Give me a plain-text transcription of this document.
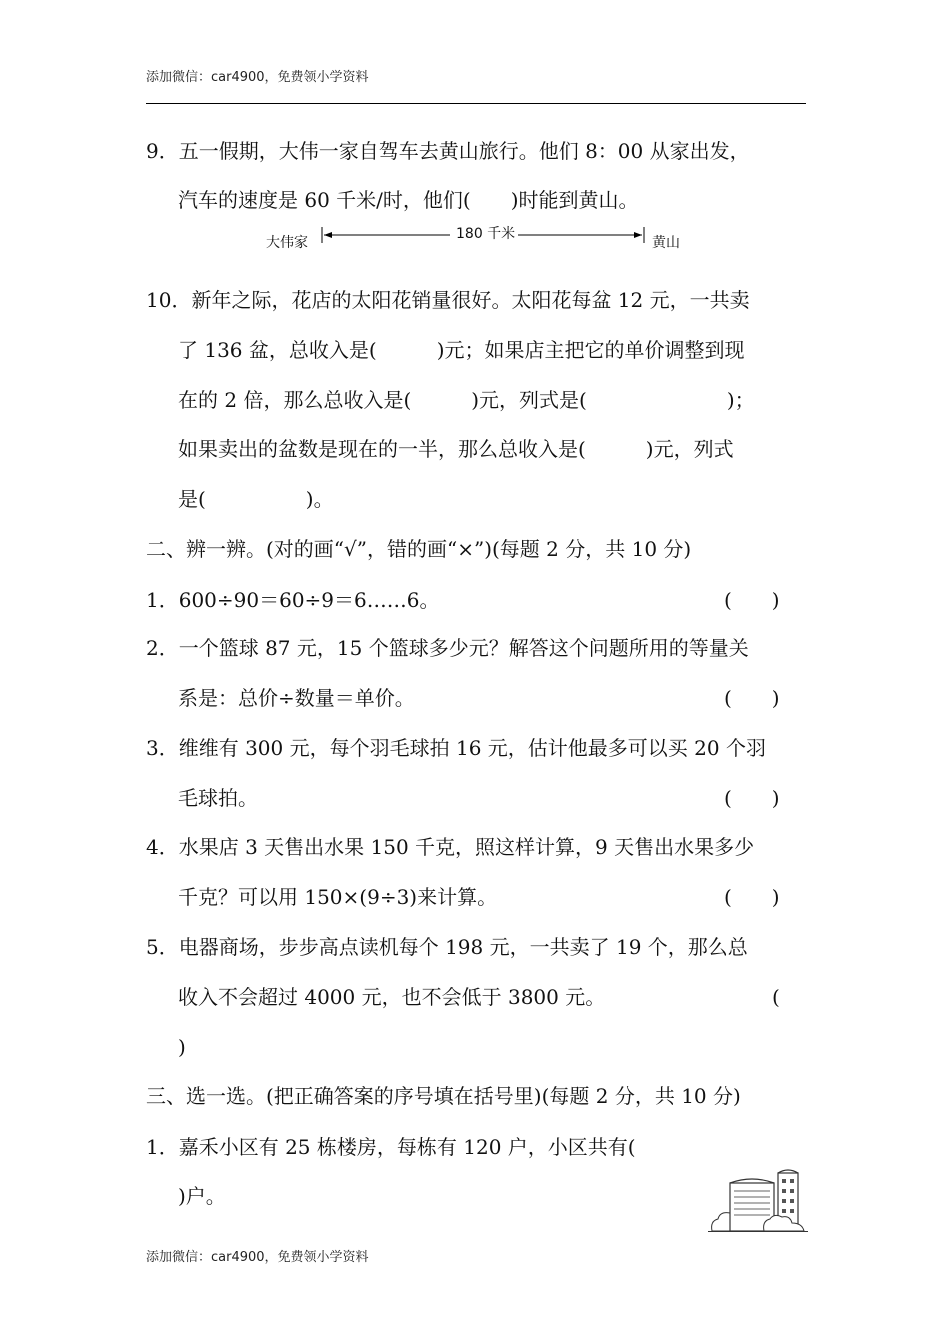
添加微信：car4900，免费领小学资料
9．五一假期，大伟一家自驾车去黄山旅行。他们 8：00 从家出发，
汽车的速度是 60 千米/时，他们(　　)时能到黄山。
大伟家
180 千米
黄山
10．新年之际，花店的太阳花销量很好。太阳花每盆 12 元，一共卖
了 136 盆，总收入是(　　　)元；如果店主把它的单价调整到现
在的 2 倍，那么总收入是(　　　)元，列式是(　　　　　　　)；
如果卖出的盆数是现在的一半，那么总收入是(　　　)元，列式
是(　　　　　)。
二、辨一辨。(对的画“√”，错的画“×”)(每题 2 分，共 10 分)
1．600÷90＝60÷9＝6……6。	(　　)
2．一个篮球 87 元，15 个篮球多少元？解答这个问题所用的等量关
系是：总价÷数量＝单价。	(　　)
3．维维有 300 元，每个羽毛球拍 16 元，估计他最多可以买 20 个羽
毛球拍。	(　　)
4．水果店 3 天售出水果 150 千克，照这样计算，9 天售出水果多少
千克？可以用 150×(9÷3)来计算。	(　　)
5．电器商场，步步高点读机每个 198 元，一共卖了 19 个，那么总
收入不会超过 4000 元，也不会低于 3800 元。	(
)
三、选一选。(把正确答案的序号填在括号里)(每题 2 分，共 10 分)
1．嘉禾小区有 25 栋楼房，每栋有 120 户，小区共有(
)户。
添加微信：car4900，免费领小学资料
